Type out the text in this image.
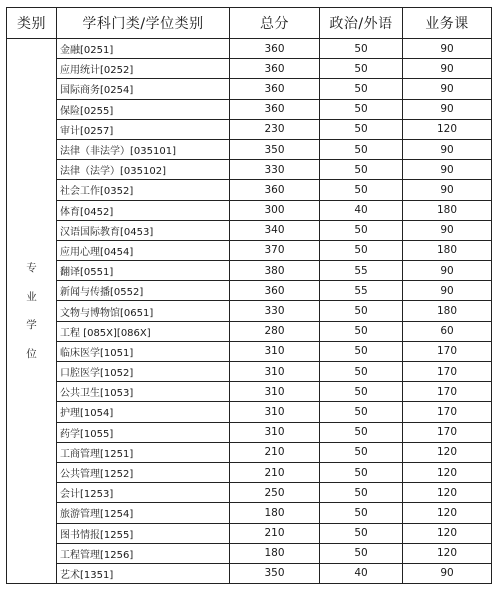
类别	学科门类/学位类别	总分	政治/外语	业务课

专
业
学
位	金融[0251]	360	50	90
	应用统计[0252]	360	50	90
	国际商务[0254]	360	50	90
	保险[0255]	360	50	90
	审计[0257]	230	50	120
	法律（非法学）[035101]	350	50	90
	法律（法学）[035102]	330	50	90
	社会工作[0352]	360	50	90
	体育[0452]	300	40	180
	汉语国际教育[0453]	340	50	90
	应用心理[0454]	370	50	180
	翻译[0551]	380	55	90
	新闻与传播[0552]	360	55	90
	文物与博物馆[0651]	330	50	180
	工程 [085X][086X]	280	50	60
	临床医学[1051]	310	50	170
	口腔医学[1052]	310	50	170
	公共卫生[1053]	310	50	170
	护理[1054]	310	50	170
	药学[1055]	310	50	170
	工商管理[1251]	210	50	120
	公共管理[1252]	210	50	120
	会计[1253]	250	50	120
	旅游管理[1254]	180	50	120
	图书情报[1255]	210	50	120
	工程管理[1256]	180	50	120
	艺术[1351]	350	40	90
